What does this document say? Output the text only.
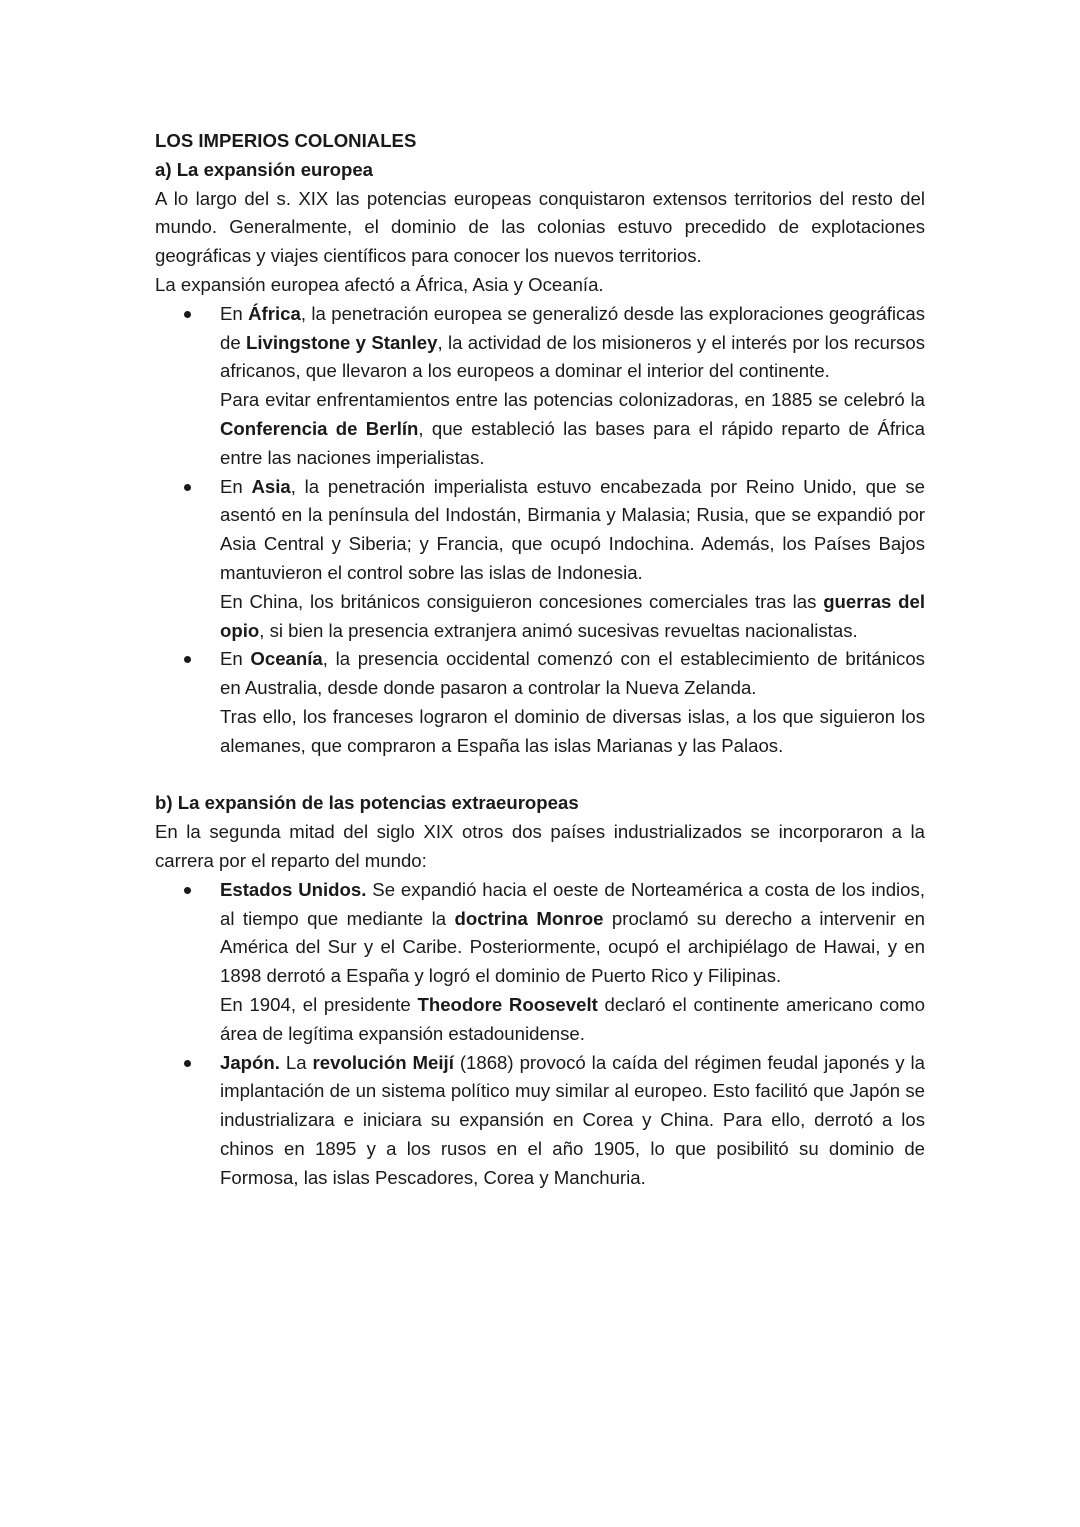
LOS IMPERIOS COLONIALES

a) La expansión europea

A lo largo del s. XIX las potencias europeas conquistaron extensos territorios del resto del mundo. Generalmente, el dominio de las colonias estuvo precedido de explotaciones geográficas y viajes científicos para conocer los nuevos territorios.

La expansión europea afectó a África, Asia y Oceanía.

En África, la penetración europea se generalizó desde las exploraciones geográficas de Livingstone y Stanley, la actividad de los misioneros y el interés por los recursos africanos, que llevaron a los europeos a dominar el interior del continente.

Para evitar enfrentamientos entre las potencias colonizadoras, en 1885 se celebró la Conferencia de Berlín, que estableció las bases para el rápido reparto de África entre las naciones imperialistas.

En Asia, la penetración imperialista estuvo encabezada por Reino Unido, que se asentó en la península del Indostán, Birmania y Malasia; Rusia, que se expandió por Asia Central y Siberia; y Francia, que ocupó Indochina. Además, los Países Bajos mantuvieron el control sobre las islas de Indonesia.

En China, los británicos consiguieron concesiones comerciales tras las guerras del opio, si bien la presencia extranjera animó sucesivas revueltas nacionalistas.

En Oceanía, la presencia occidental comenzó con el establecimiento de británicos en Australia, desde donde pasaron a controlar la Nueva Zelanda.

Tras ello, los franceses lograron el dominio de diversas islas, a los que siguieron los alemanes, que compraron a España las islas Marianas y las Palaos.

b) La expansión de las potencias extraeuropeas

En la segunda mitad del siglo XIX otros dos países industrializados se incorporaron a la carrera por el reparto del mundo:

Estados Unidos. Se expandió hacia el oeste de Norteamérica a costa de los indios, al tiempo que mediante la doctrina Monroe proclamó su derecho a intervenir en América del Sur y el Caribe. Posteriormente, ocupó el archipiélago de Hawai, y en 1898 derrotó a España y logró el dominio de Puerto Rico y Filipinas.

En 1904, el presidente Theodore Roosevelt declaró el continente americano como área de legítima expansión estadounidense.

Japón. La revolución Meijí (1868) provocó la caída del régimen feudal japonés y la implantación de un sistema político muy similar al europeo. Esto facilitó que Japón se industrializara e iniciara su expansión en Corea y China. Para ello, derrotó a los chinos en 1895 y a los rusos en el año 1905, lo que posibilitó su dominio de Formosa, las islas Pescadores, Corea y Manchuria.
